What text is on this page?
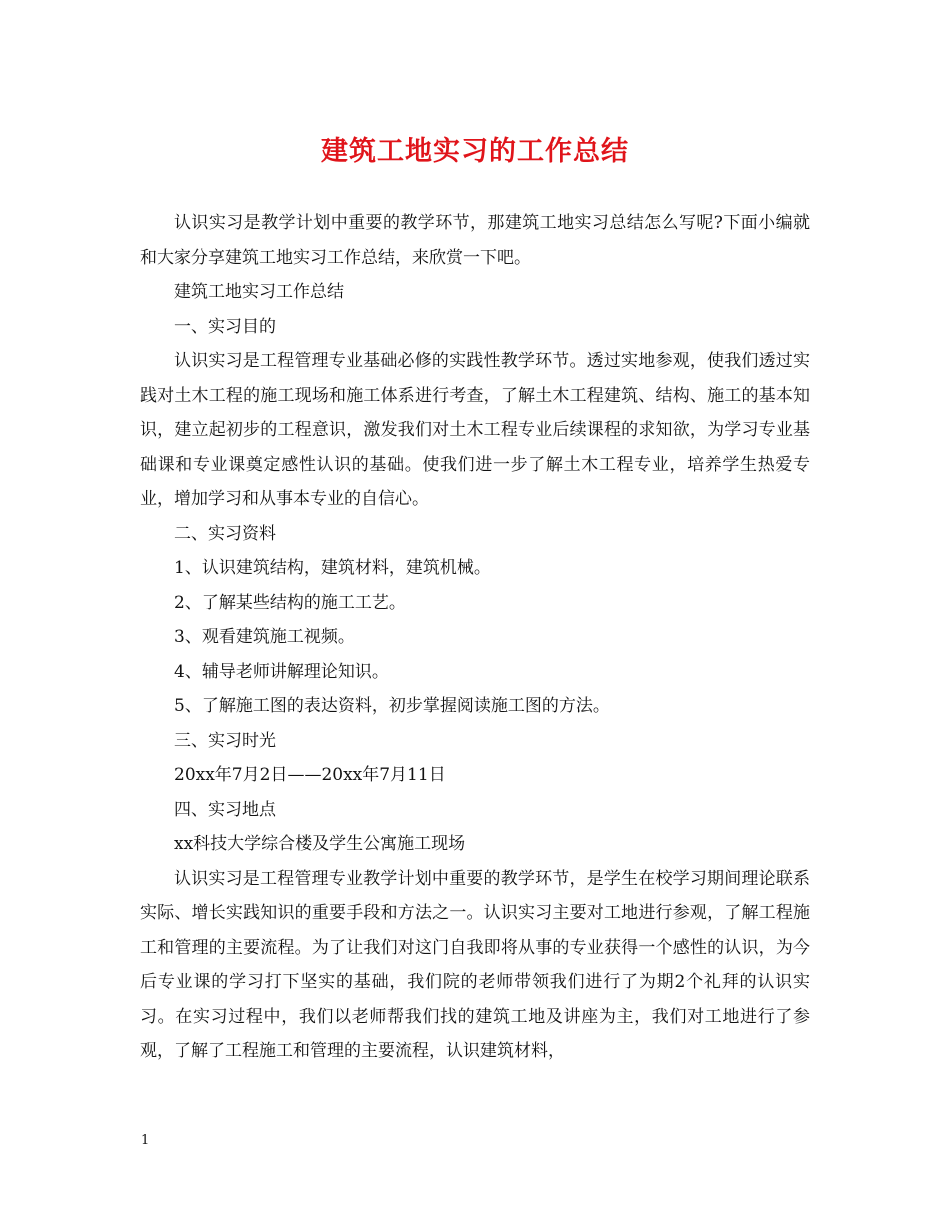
建筑工地实习的工作总结

认识实习是教学计划中重要的教学环节，那建筑工地实习总结怎么写呢?下面小编就和大家分享建筑工地实习工作总结，来欣赏一下吧。

建筑工地实习工作总结

一、实习目的

认识实习是工程管理专业基础必修的实践性教学环节。透过实地参观，使我们透过实践对土木工程的施工现场和施工体系进行考查，了解土木工程建筑、结构、施工的基本知识，建立起初步的工程意识，激发我们对土木工程专业后续课程的求知欲，为学习专业基础课和专业课奠定感性认识的基础。使我们进一步了解土木工程专业，培养学生热爱专业，增加学习和从事本专业的自信心。

二、实习资料

1、认识建筑结构，建筑材料，建筑机械。

2、了解某些结构的施工工艺。

3、观看建筑施工视频。

4、辅导老师讲解理论知识。

5、了解施工图的表达资料，初步掌握阅读施工图的方法。

三、实习时光

20xx年7月2日——20xx年7月11日

四、实习地点

xx科技大学综合楼及学生公寓施工现场

认识实习是工程管理专业教学计划中重要的教学环节，是学生在校学习期间理论联系实际、增长实践知识的重要手段和方法之一。认识实习主要对工地进行参观，了解工程施工和管理的主要流程。为了让我们对这门自我即将从事的专业获得一个感性的认识，为今后专业课的学习打下坚实的基础，我们院的老师带领我们进行了为期2个礼拜的认识实习。在实习过程中，我们以老师帮我们找的建筑工地及讲座为主，我们对工地进行了参观，了解了工程施工和管理的主要流程，认识建筑材料，

1
